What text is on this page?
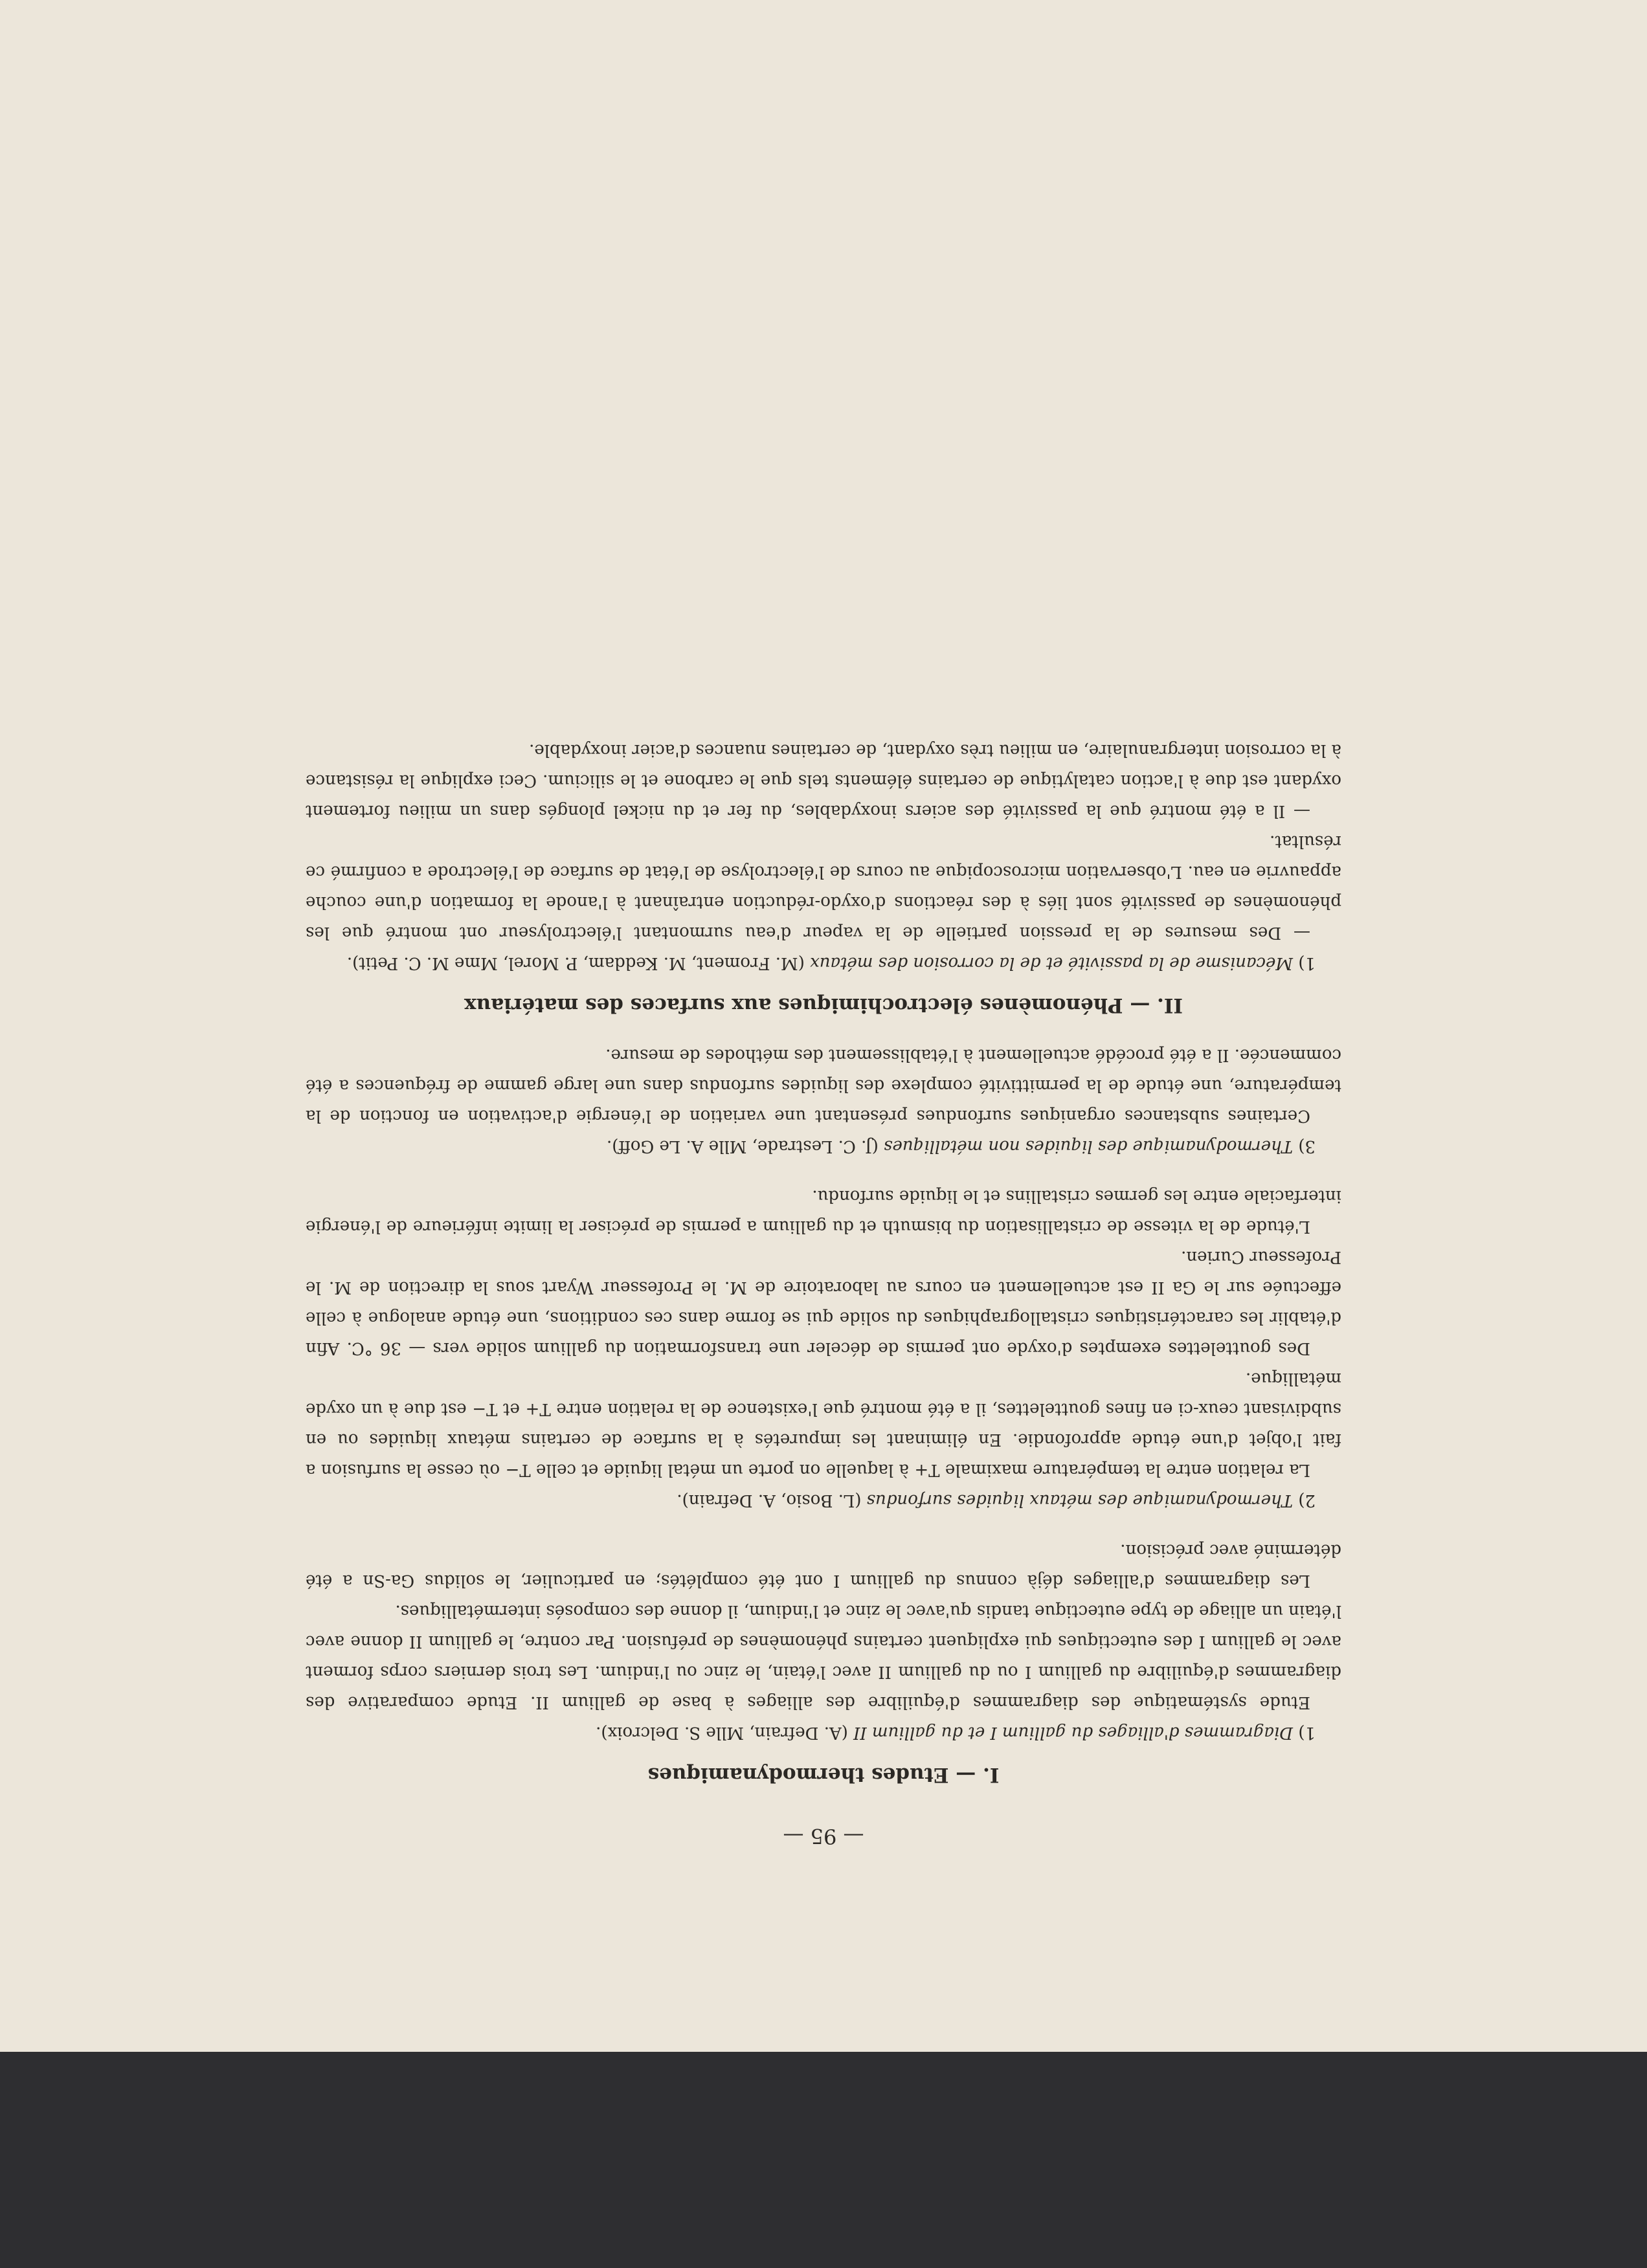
— 95 —
I. — Etudes thermodynamiques

1) Diagrammes d'alliages du gallium I et du gallium II (A. Defrain, Mlle S. Delcroix).

Etude systématique des diagrammes d'équilibre des alliages à base de gallium II. Etude comparative des diagrammes d'équilibre du gallium I ou du gallium II avec l'étain, le zinc ou l'indium. Les trois derniers corps forment avec le gallium I des eutectiques qui expliquent certains phénomènes de préfusion. Par contre, le gallium II donne avec l'étain un alliage de type eutectique tandis qu'avec le zinc et l'indium, il donne des composés intermétalliques.

Les diagrammes d'alliages déjà connus du gallium I ont été complétés; en particulier, le solidus Ga-Sn a été déterminé avec précision.

2) Thermodynamique des métaux liquides surfondus (L. Bosio, A. Defrain).

La relation entre la température maximale T+ à laquelle on porte un métal liquide et celle T− où cesse la surfusion a fait l'objet d'une étude approfondie. En éliminant les impuretés à la surface de certains métaux liquides ou en subdivisant ceux-ci en fines gouttelettes, il a été montré que l'existence de la relation entre T+ et T− est due à un oxyde métallique.

Des gouttelettes exemptes d'oxyde ont permis de déceler une transformation du gallium solide vers — 36 °C. Afin d'établir les caractéristiques cristallographiques du solide qui se forme dans ces conditions, une étude analogue à celle effectuée sur le Ga II est actuellement en cours au laboratoire de M. le Professeur Wyart sous la direction de M. le Professeur Curien.

L'étude de la vitesse de cristallisation du bismuth et du gallium a permis de préciser la limite inférieure de l'énergie interfaciale entre les germes cristallins et le liquide surfondu.

3) Thermodynamique des liquides non métalliques (J. C. Lestrade, Mlle A. Le Goff).

Certaines substances organiques surfondues présentant une variation de l'énergie d'activation en fonction de la température, une étude de la permittivité complexe des liquides surfondus dans une large gamme de fréquences a été commencée. Il a été procédé actuellement à l'établissement des méthodes de mesure.

II. — Phénomènes électrochimiques aux surfaces des matériaux

1) Mécanisme de la passivité et de la corrosion des métaux (M. Froment, M. Keddam, P. Morel, Mme M. C. Petit).

— Des mesures de la pression partielle de la vapeur d'eau surmontant l'électrolyseur ont montré que les phénomènes de passivité sont liés à des réactions d'oxydo-réduction entraînant à l'anode la formation d'une couche appauvrie en eau. L'observation microscopique au cours de l'électrolyse de l'état de surface de l'électrode a confirmé ce résultat.

— Il a été montré que la passivité des aciers inoxydables, du fer et du nickel plongés dans un milieu fortement oxydant est due à l'action catalytique de certains éléments tels que le carbone et le silicium. Ceci explique la résistance à la corrosion intergranulaire, en milieu très oxydant, de certaines nuances d'acier inoxydable.
